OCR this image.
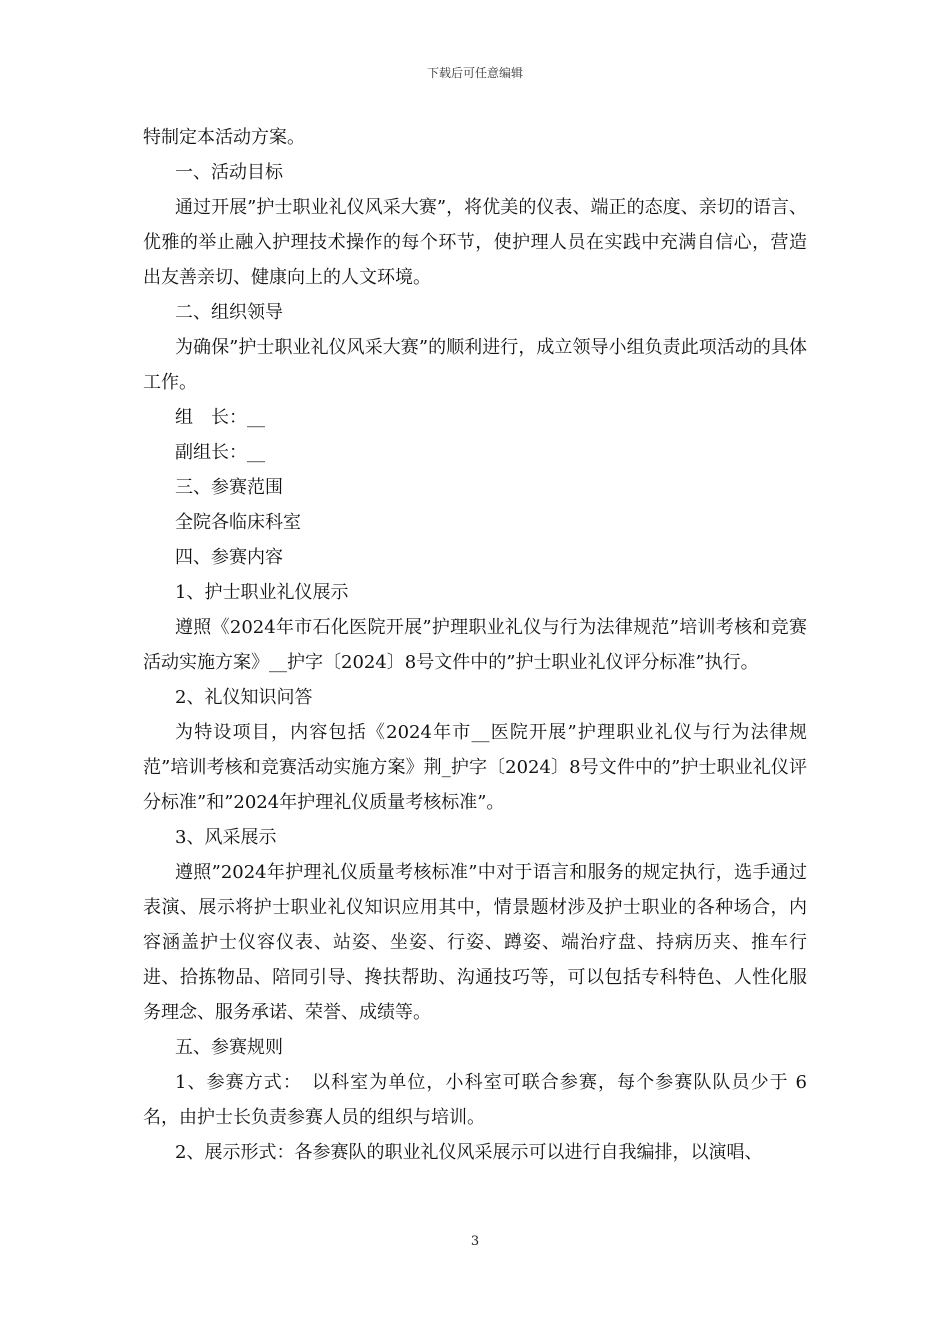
下载后可任意编辑

特制定本活动方案。

一、活动目标

通过开展”护士职业礼仪风采大赛”，将优美的仪表、端正的态度、亲切的语言、优雅的举止融入护理技术操作的每个环节，使护理人员在实践中充满自信心，营造出友善亲切、健康向上的人文环境。

二、组织领导

为确保”护士职业礼仪风采大赛”的顺利进行，成立领导小组负责此项活动的具体工作。

组　长：__

副组长：__

三、参赛范围

全院各临床科室

四、参赛内容

1、护士职业礼仪展示

遵照《2024年市石化医院开展”护理职业礼仪与行为法律规范”培训考核和竞赛活动实施方案》__护字〔2024〕8号文件中的”护士职业礼仪评分标准”执行。

2、礼仪知识问答

为特设项目，内容包括《2024年市__医院开展”护理职业礼仪与行为法律规范”培训考核和竞赛活动实施方案》荆_护字〔2024〕8号文件中的”护士职业礼仪评分标准”和”2024年护理礼仪质量考核标准”。

3、风采展示

遵照”2024年护理礼仪质量考核标准”中对于语言和服务的规定执行，选手通过表演、展示将护士职业礼仪知识应用其中，情景题材涉及护士职业的各种场合，内容涵盖护士仪容仪表、站姿、坐姿、行姿、蹲姿、端治疗盘、持病历夹、推车行进、拾拣物品、陪同引导、搀扶帮助、沟通技巧等，可以包括专科特色、人性化服务理念、服务承诺、荣誉、成绩等。

五、参赛规则

1、参赛方式：　以科室为单位，小科室可联合参赛，每个参赛队队员少于 6 名，由护士长负责参赛人员的组织与培训。

2、展示形式：各参赛队的职业礼仪风采展示可以进行自我编排，以演唱、

3
